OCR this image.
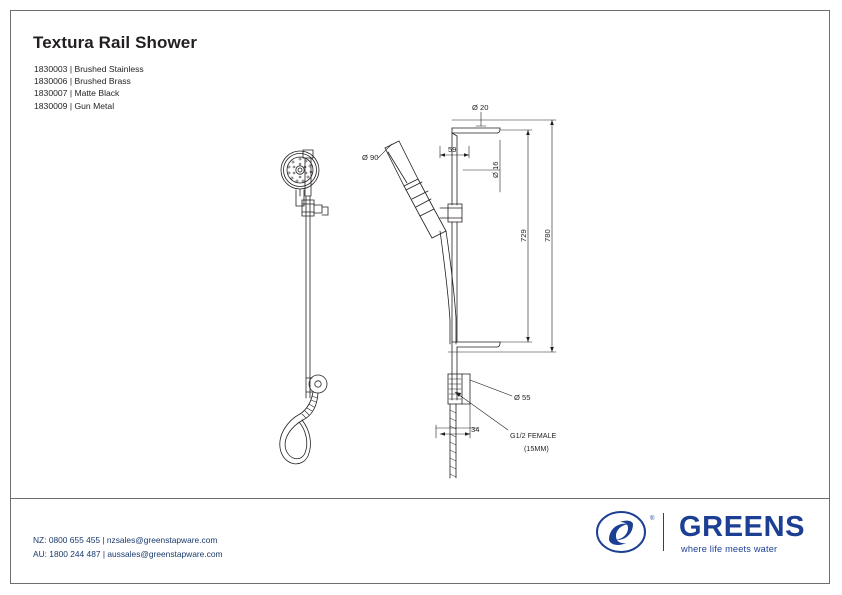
Textura Rail Shower
1830003 | Brushed Stainless
1830006 | Brushed Brass
1830007 | Matte Black
1830009 | Gun Metal	Ø 20
Ø 90
59
Ø 16
729 780
Ø 55
34
G1/2 FEMALE
(15MM)
NZ: 0800 655 455 | nzsales@greenstapware.com
AU: 1800 244 487 | aussales@greenstapware.com
® GREENS
where life meets water
